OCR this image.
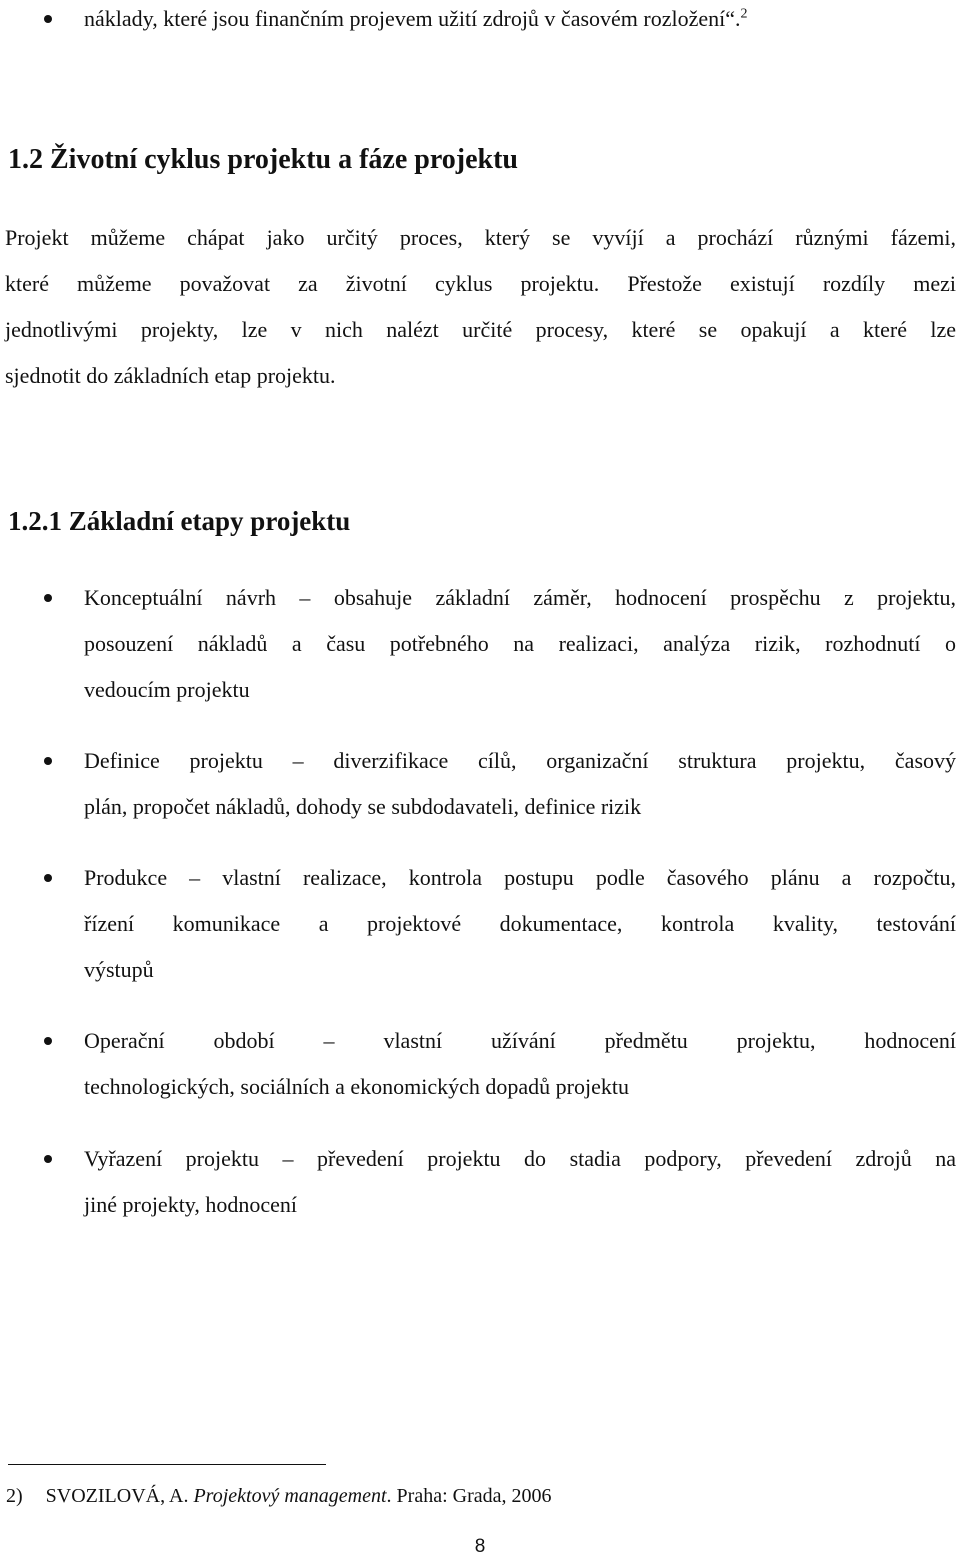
náklady, které jsou finančním projevem užití zdrojů v časovém rozložení“.$^2$
1.2 Životní cyklus projektu a fáze projektu
Projekt můžeme chápat jako určitý proces, který se vyvíjí a prochází různými fázemi,
které můžeme považovat za životní cyklus projektu. Přestože existují rozdíly mezi
jednotlivými projekty, lze v nich nalézt určité procesy, které se opakují a které lze
sjednotit do základních etap projektu.
1.2.1 Základní etapy projektu
Konceptuální návrh – obsahuje základní záměr, hodnocení prospěchu z projektu,
posouzení nákladů a času potřebného na realizaci, analýza rizik, rozhodnutí o
vedoucím projektu
Definice projektu – diverzifikace cílů, organizační struktura projektu, časový
plán, propočet nákladů, dohody se subdodavateli, definice rizik
Produkce – vlastní realizace, kontrola postupu podle časového plánu a rozpočtu,
řízení komunikace a projektové dokumentace, kontrola kvality, testování
výstupů
Operační období – vlastní užívání předmětu projektu, hodnocení
technologických, sociálních a ekonomických dopadů projektu
Vyřazení projektu – převedení projektu do stadia podpory, převedení zdrojů na
jiné projekty, hodnocení
2) SVOZILOVÁ, A. Projektový management. Praha: Grada, 2006
8
